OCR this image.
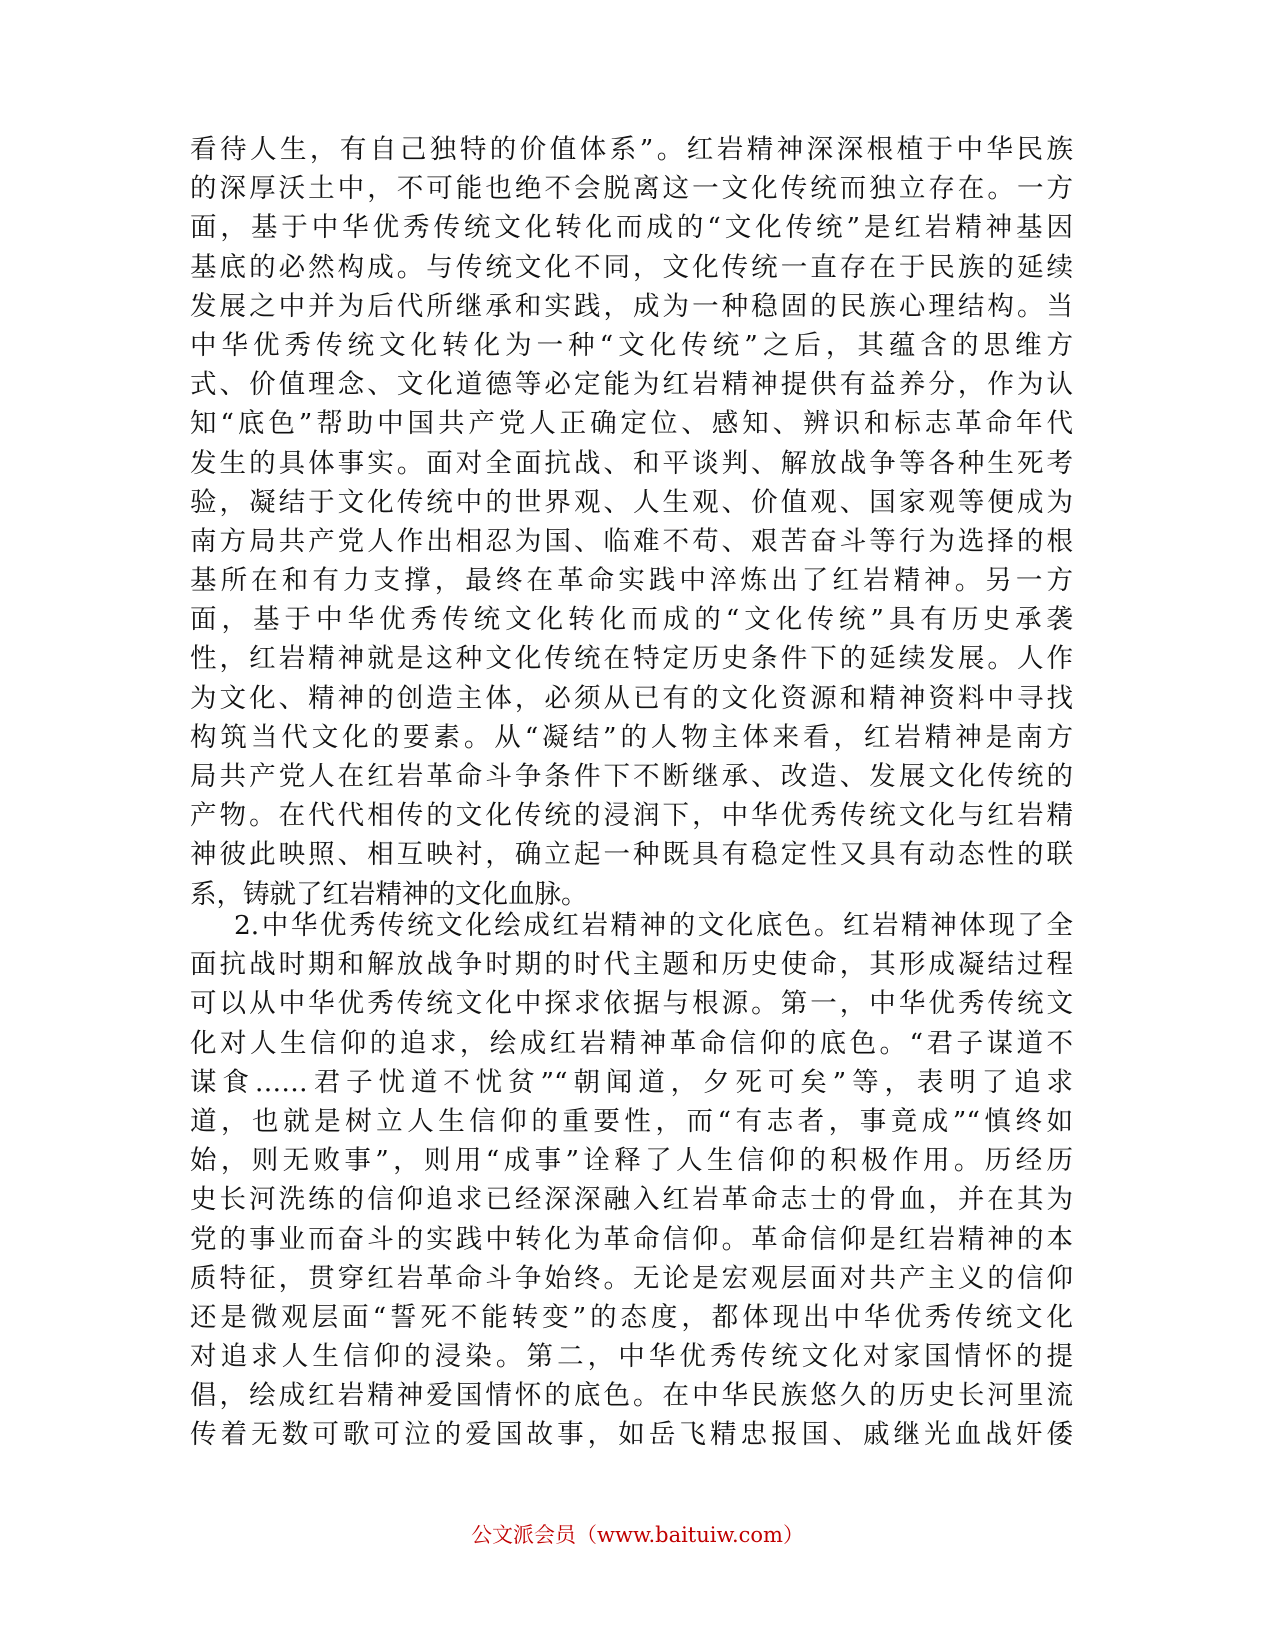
看待人生，有自己独特的价值体系”。红岩精神深深根植于中华民族
的深厚沃土中，不可能也绝不会脱离这一文化传统而独立存在。一方
面，基于中华优秀传统文化转化而成的“文化传统”是红岩精神基因
基底的必然构成。与传统文化不同，文化传统一直存在于民族的延续
发展之中并为后代所继承和实践，成为一种稳固的民族心理结构。当
中华优秀传统文化转化为一种“文化传统”之后，其蕴含的思维方
式、价值理念、文化道德等必定能为红岩精神提供有益养分，作为认
知“底色”帮助中国共产党人正确定位、感知、辨识和标志革命年代
发生的具体事实。面对全面抗战、和平谈判、解放战争等各种生死考
验，凝结于文化传统中的世界观、人生观、价值观、国家观等便成为
南方局共产党人作出相忍为国、临难不苟、艰苦奋斗等行为选择的根
基所在和有力支撑，最终在革命实践中淬炼出了红岩精神。另一方
面，基于中华优秀传统文化转化而成的“文化传统”具有历史承袭
性，红岩精神就是这种文化传统在特定历史条件下的延续发展。人作
为文化、精神的创造主体，必须从已有的文化资源和精神资料中寻找
构筑当代文化的要素。从“凝结”的人物主体来看，红岩精神是南方
局共产党人在红岩革命斗争条件下不断继承、改造、发展文化传统的
产物。在代代相传的文化传统的浸润下，中华优秀传统文化与红岩精
神彼此映照、相互映衬，确立起一种既具有稳定性又具有动态性的联
系，铸就了红岩精神的文化血脉。
2.中华优秀传统文化绘成红岩精神的文化底色。红岩精神体现了全
面抗战时期和解放战争时期的时代主题和历史使命，其形成凝结过程
可以从中华优秀传统文化中探求依据与根源。第一，中华优秀传统文
化对人生信仰的追求，绘成红岩精神革命信仰的底色。“君子谋道不
谋食……君子忧道不忧贫”“朝闻道，夕死可矣”等，表明了追求
道，也就是树立人生信仰的重要性，而“有志者，事竟成”“慎终如
始，则无败事”，则用“成事”诠释了人生信仰的积极作用。历经历
史长河洗练的信仰追求已经深深融入红岩革命志士的骨血，并在其为
党的事业而奋斗的实践中转化为革命信仰。革命信仰是红岩精神的本
质特征，贯穿红岩革命斗争始终。无论是宏观层面对共产主义的信仰
还是微观层面“誓死不能转变”的态度，都体现出中华优秀传统文化
对追求人生信仰的浸染。第二，中华优秀传统文化对家国情怀的提
倡，绘成红岩精神爱国情怀的底色。在中华民族悠久的历史长河里流
传着无数可歌可泣的爱国故事，如岳飞精忠报国、戚继光血战奸倭
公文派会员（www.baituiw.com）
